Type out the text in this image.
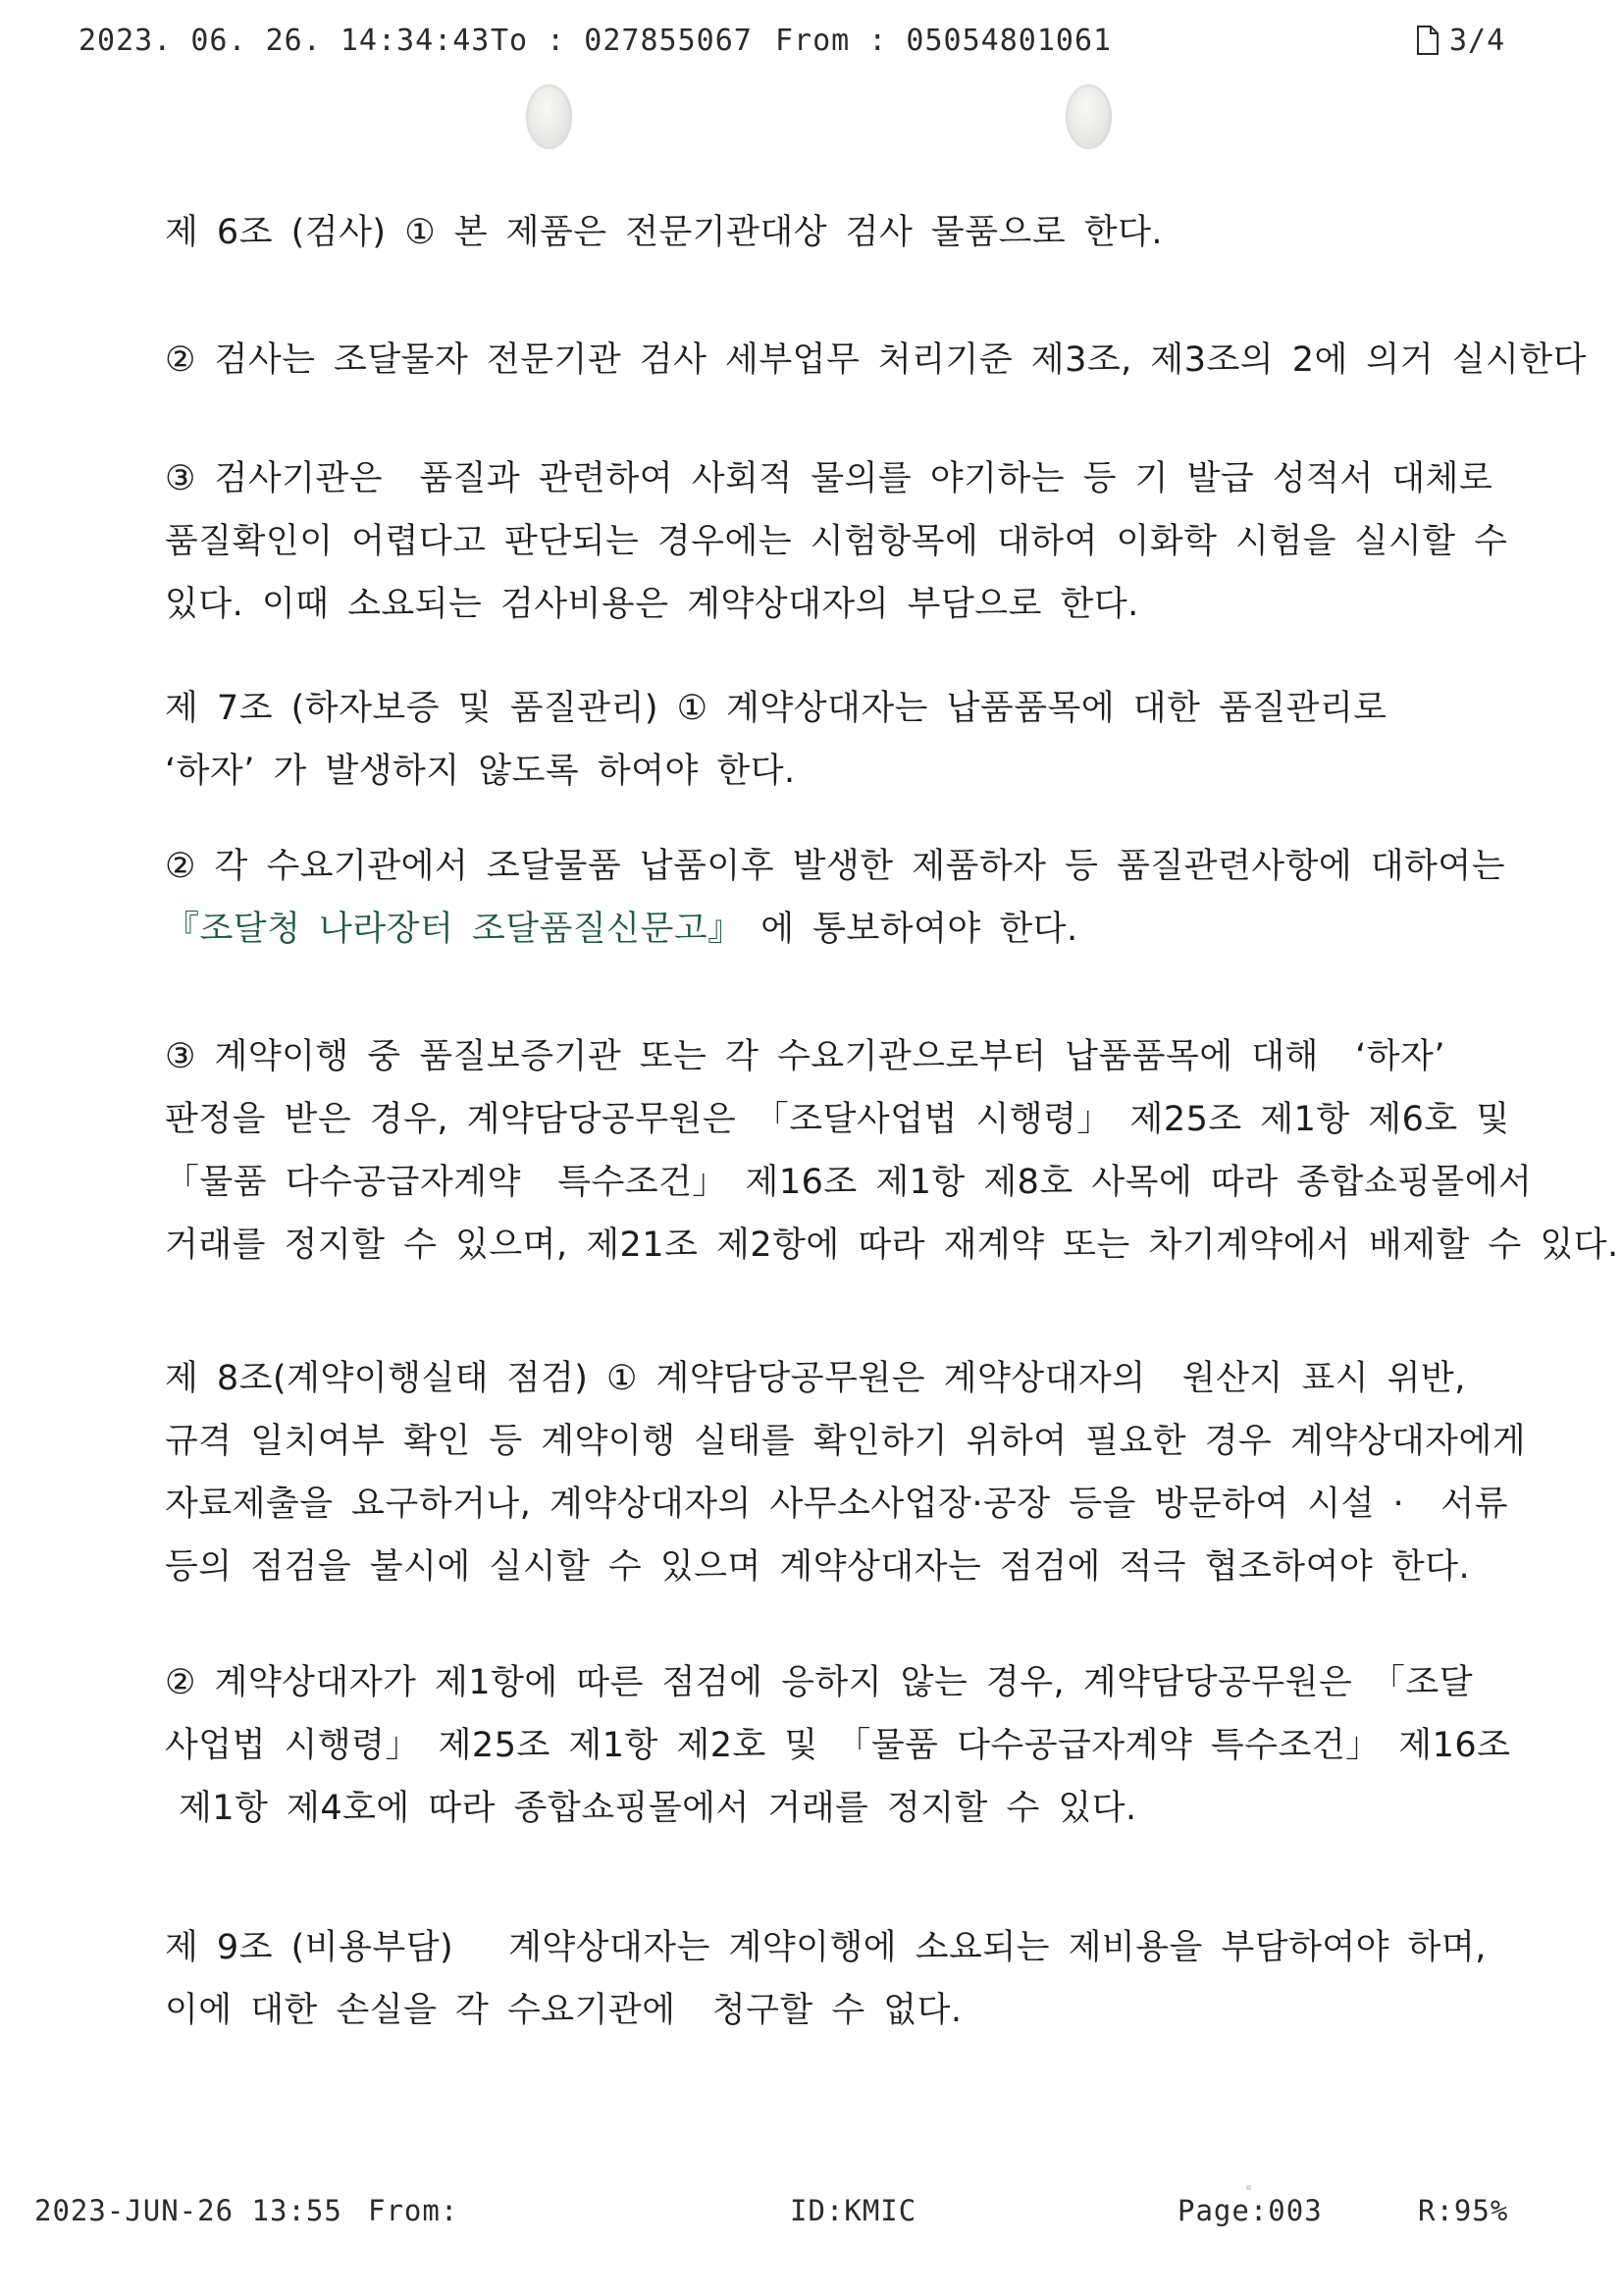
2023. 06. 26. 14:34:43 To : 027855067 From : 05054801061	3/4
제 6조 (검사) ① 본 제품은 전문기관대상 검사 물품으로 한다.
② 검사는 조달물자 전문기관 검사 세부업무 처리기준 제3조, 제3조의 2에 의거 실시한다
③ 검사기관은  품질과 관련하여 사회적 물의를 야기하는 등 기 발급 성적서 대체로
품질확인이 어렵다고 판단되는 경우에는 시험항목에 대하여 이화학 시험을 실시할 수
있다. 이때 소요되는 검사비용은 계약상대자의 부담으로 한다.
제 7조 (하자보증 및 품질관리) ① 계약상대자는 납품품목에 대한 품질관리로
‘하자’ 가 발생하지 않도록 하여야 한다.
② 각 수요기관에서 조달물품 납품이후 발생한 제품하자 등 품질관련사항에 대하여는
『조달청 나라장터 조달품질신문고』 에 통보하여야 한다.
③ 계약이행 중 품질보증기관 또는 각 수요기관으로부터 납품품목에 대해  ‘하자’
판정을 받은 경우, 계약담당공무원은 「조달사업법 시행령」 제25조 제1항 제6호 및
「물품 다수공급자계약  특수조건」 제16조 제1항 제8호 사목에 따라 종합쇼핑몰에서
거래를 정지할 수 있으며, 제21조 제2항에 따라 재계약 또는 차기계약에서 배제할 수 있다.
제 8조(계약이행실태 점검) ① 계약담당공무원은 계약상대자의  원산지 표시 위반,
규격 일치여부 확인 등 계약이행 실태를 확인하기 위하여 필요한 경우 계약상대자에게
자료제출을 요구하거나, 계약상대자의 사무소사업장·공장 등을 방문하여 시설 ·  서류
등의 점검을 불시에 실시할 수 있으며 계약상대자는 점검에 적극 협조하여야 한다.
② 계약상대자가 제1항에 따른 점검에 응하지 않는 경우, 계약담당공무원은 「조달
사업법 시행령」 제25조 제1항 제2호 및 「물품 다수공급자계약 특수조건」 제16조
제1항 제4호에 따라 종합쇼핑몰에서 거래를 정지할 수 있다.
제 9조 (비용부담)   계약상대자는 계약이행에 소요되는 제비용을 부담하여야 하며,
이에 대한 손실을 각 수요기관에  청구할 수 없다.
2023-JUN-26 13:55 From:	ID:KMIC	Page:003	R:95%
